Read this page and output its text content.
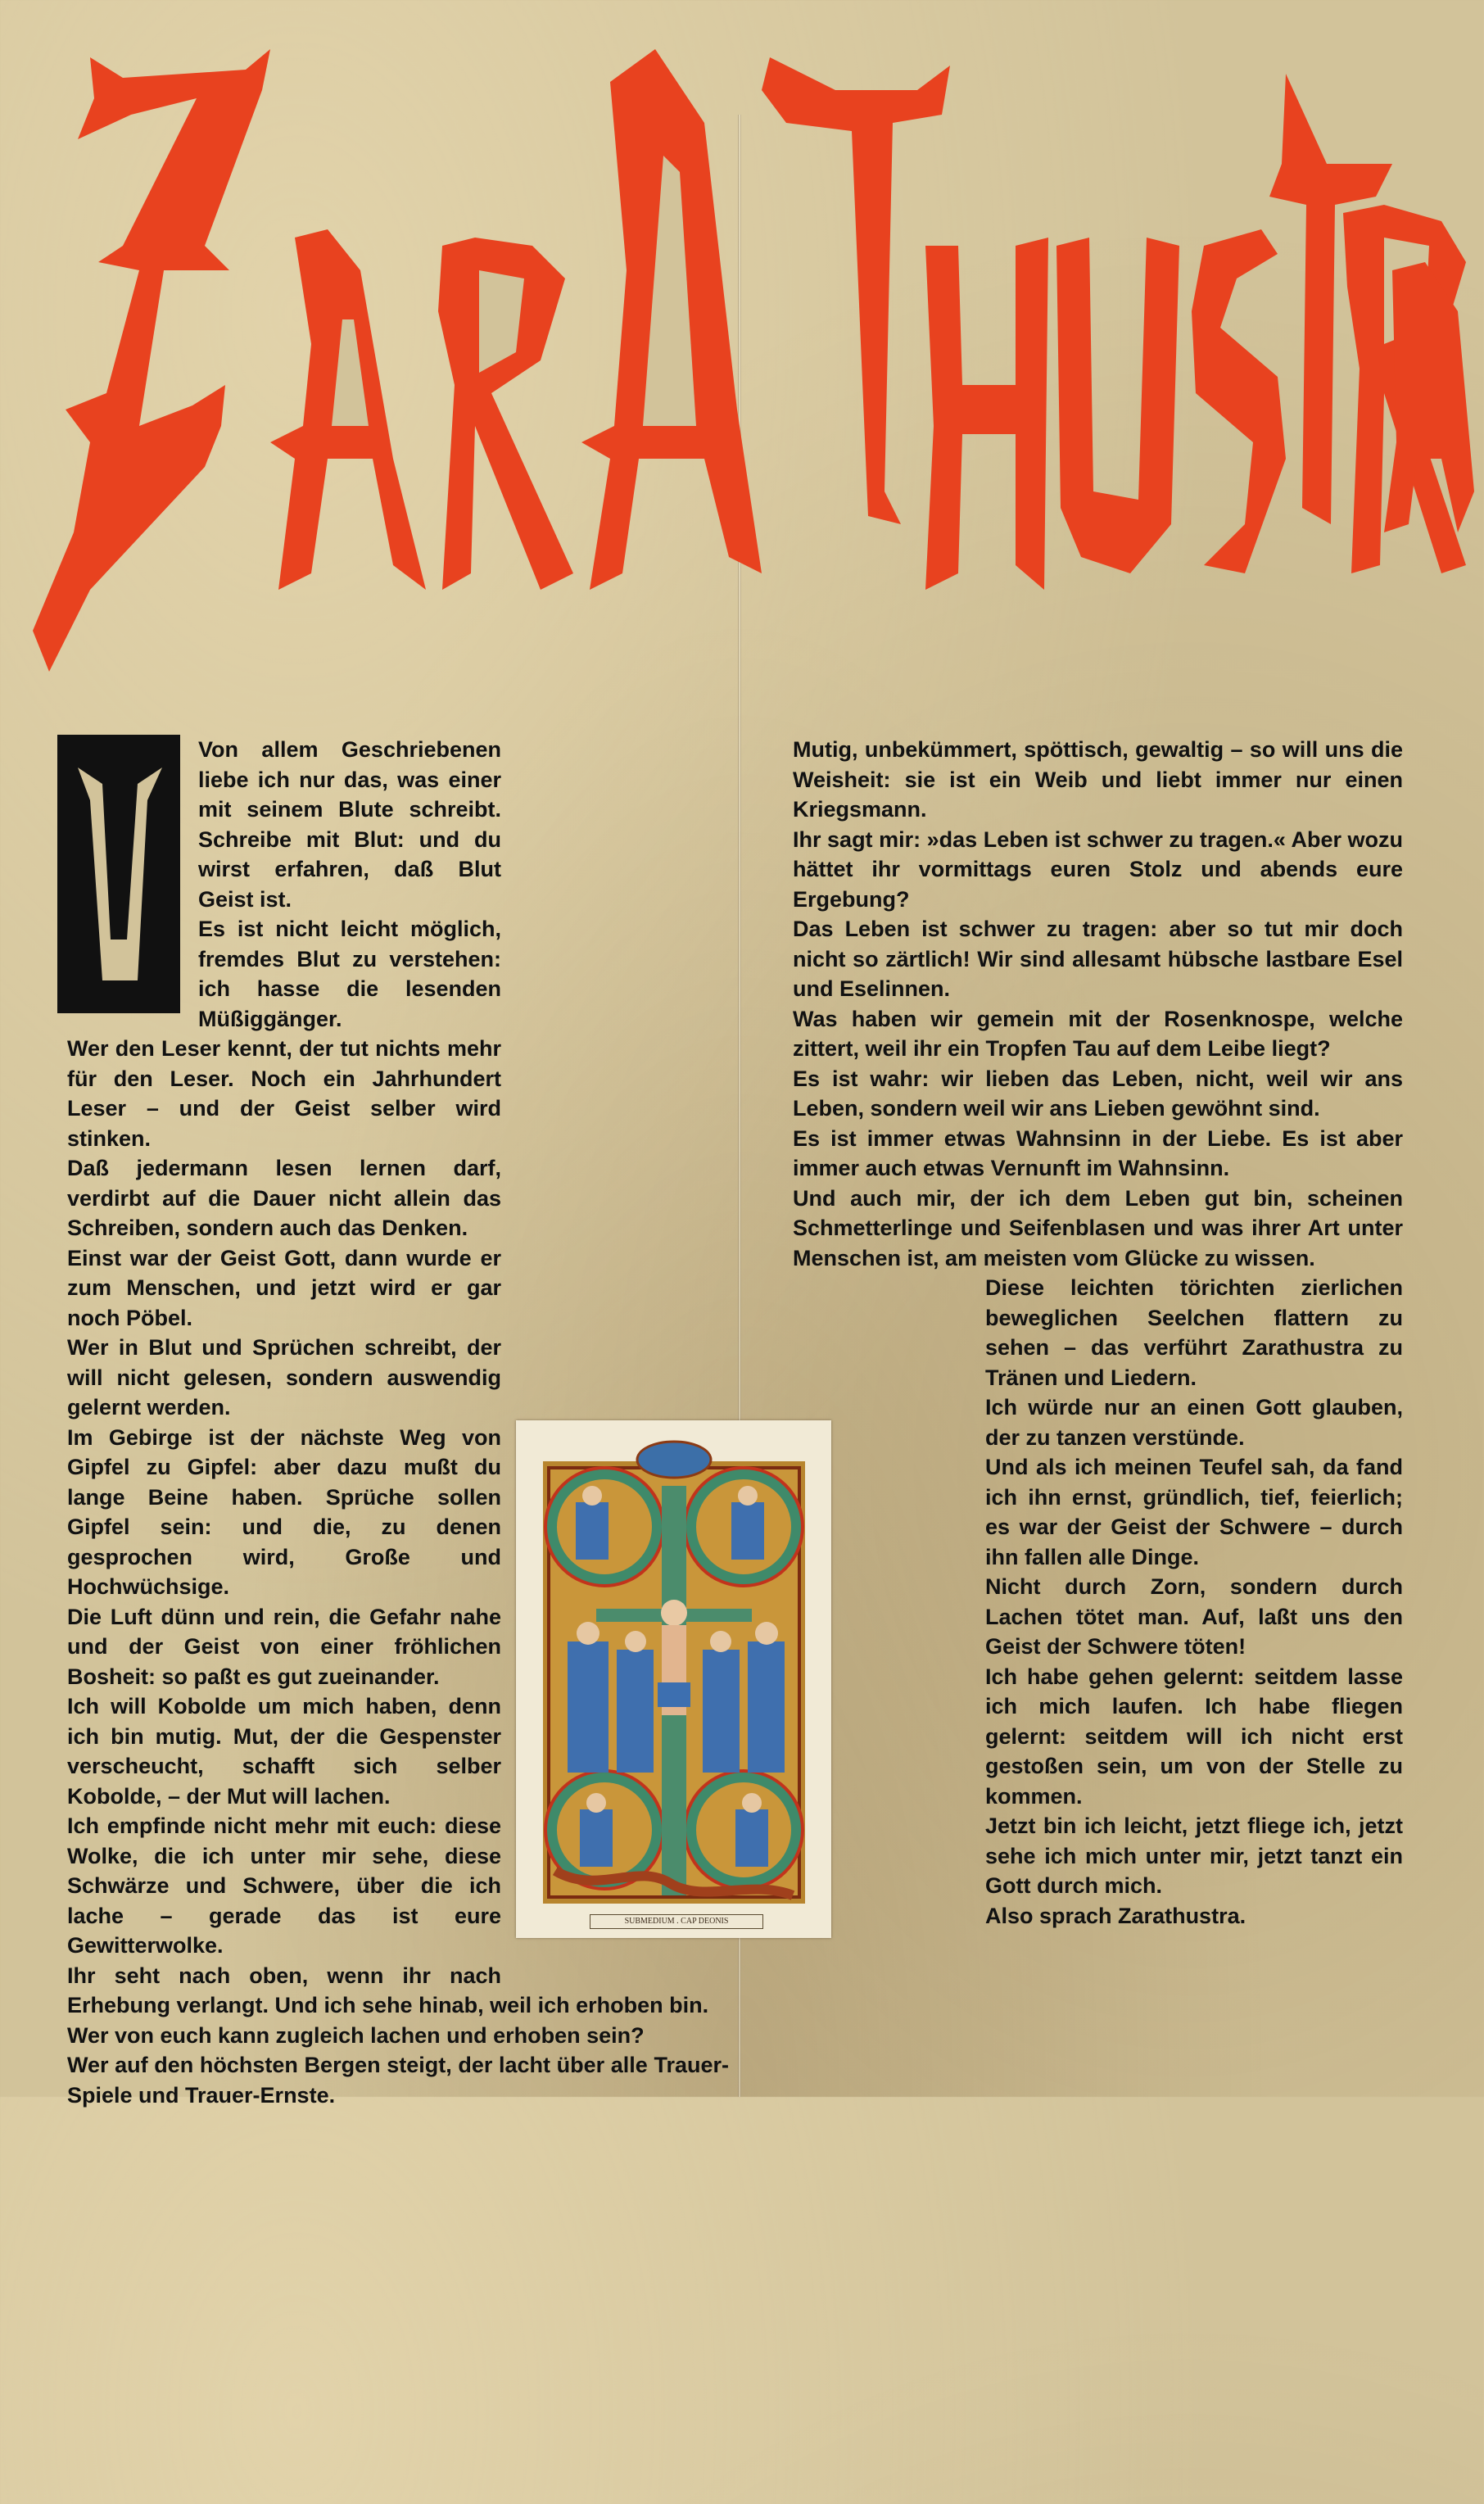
Von allem Geschriebenen liebe ich nur das, was einer mit seinem Blute schreibt. Schreibe mit Blut: und du wirst erfahren, daß Blut Geist ist.

Es ist nicht leicht möglich, fremdes Blut zu verstehen: ich hasse die lesenden Müßiggänger.

Wer den Leser kennt, der tut nichts mehr für den Leser. Noch ein Jahrhundert Leser – und der Geist selber wird stinken.

Daß jedermann lesen lernen darf, verdirbt auf die Dauer nicht allein das Schreiben, sondern auch das Denken.

Einst war der Geist Gott, dann wurde er zum Menschen, und jetzt wird er gar noch Pöbel.

Wer in Blut und Sprüchen schreibt, der will nicht gelesen, sondern auswendig gelernt werden.

Im Gebirge ist der nächste Weg von Gipfel zu Gipfel: aber dazu mußt du lange Beine haben. Sprüche sollen Gipfel sein: und die, zu denen gesprochen wird, Große und Hochwüchsige.

Die Luft dünn und rein, die Gefahr nahe und der Geist von einer fröhlichen Bosheit: so paßt es gut zueinander.

Ich will Kobolde um mich haben, denn ich bin mutig. Mut, der die Gespenster verscheucht, schafft sich selber Kobolde, – der Mut will lachen.

Ich empfinde nicht mehr mit euch: diese Wolke, die ich unter mir sehe, diese Schwärze und Schwere, über die ich lache – gerade das ist eure Gewitterwolke.

Ihr seht nach oben, wenn ihr nach Erhebung verlangt. Und ich sehe hinab, weil ich erhoben bin.

Wer von euch kann zugleich lachen und erhoben sein?

Wer auf den höchsten Bergen steigt, der lacht über alle Trauer-Spiele und Trauer-Ernste.

Mutig, unbekümmert, spöttisch, gewaltig – so will uns die Weisheit: sie ist ein Weib und liebt immer nur einen Kriegsmann.

Ihr sagt mir: »das Leben ist schwer zu tragen.« Aber wozu hättet ihr vormittags euren Stolz und abends eure Ergebung?

Das Leben ist schwer zu tragen: aber so tut mir doch nicht so zärtlich! Wir sind allesamt hübsche lastbare Esel und Eselinnen.

Was haben wir gemein mit der Rosenknospe, welche zittert, weil ihr ein Tropfen Tau auf dem Leibe liegt?

Es ist wahr: wir lieben das Leben, nicht, weil wir ans Leben, sondern weil wir ans Lieben gewöhnt sind.

Es ist immer etwas Wahnsinn in der Liebe. Es ist aber immer auch etwas Vernunft im Wahnsinn.

Und auch mir, der ich dem Leben gut bin, scheinen Schmetterlinge und Seifenblasen und was ihrer Art unter Menschen ist, am meisten vom Glücke zu wissen.

Diese leichten törichten zierlichen beweglichen Seelchen flattern zu sehen – das verführt Zarathustra zu Tränen und Liedern.

Ich würde nur an einen Gott glauben, der zu tanzen verstünde.

Und als ich meinen Teufel sah, da fand ich ihn ernst, gründlich, tief, feierlich; es war der Geist der Schwere – durch ihn fallen alle Dinge.

Nicht durch Zorn, sondern durch Lachen tötet man. Auf, laßt uns den Geist der Schwere töten!

Ich habe gehen gelernt: seitdem lasse ich mich laufen. Ich habe fliegen gelernt: seitdem will ich nicht erst gestoßen sein, um von der Stelle zu kommen.

Jetzt bin ich leicht, jetzt fliege ich, jetzt sehe ich mich unter mir, jetzt tanzt ein Gott durch mich.

Also sprach Zarathustra.

SUBMEDIUM . CAP DEONIS
